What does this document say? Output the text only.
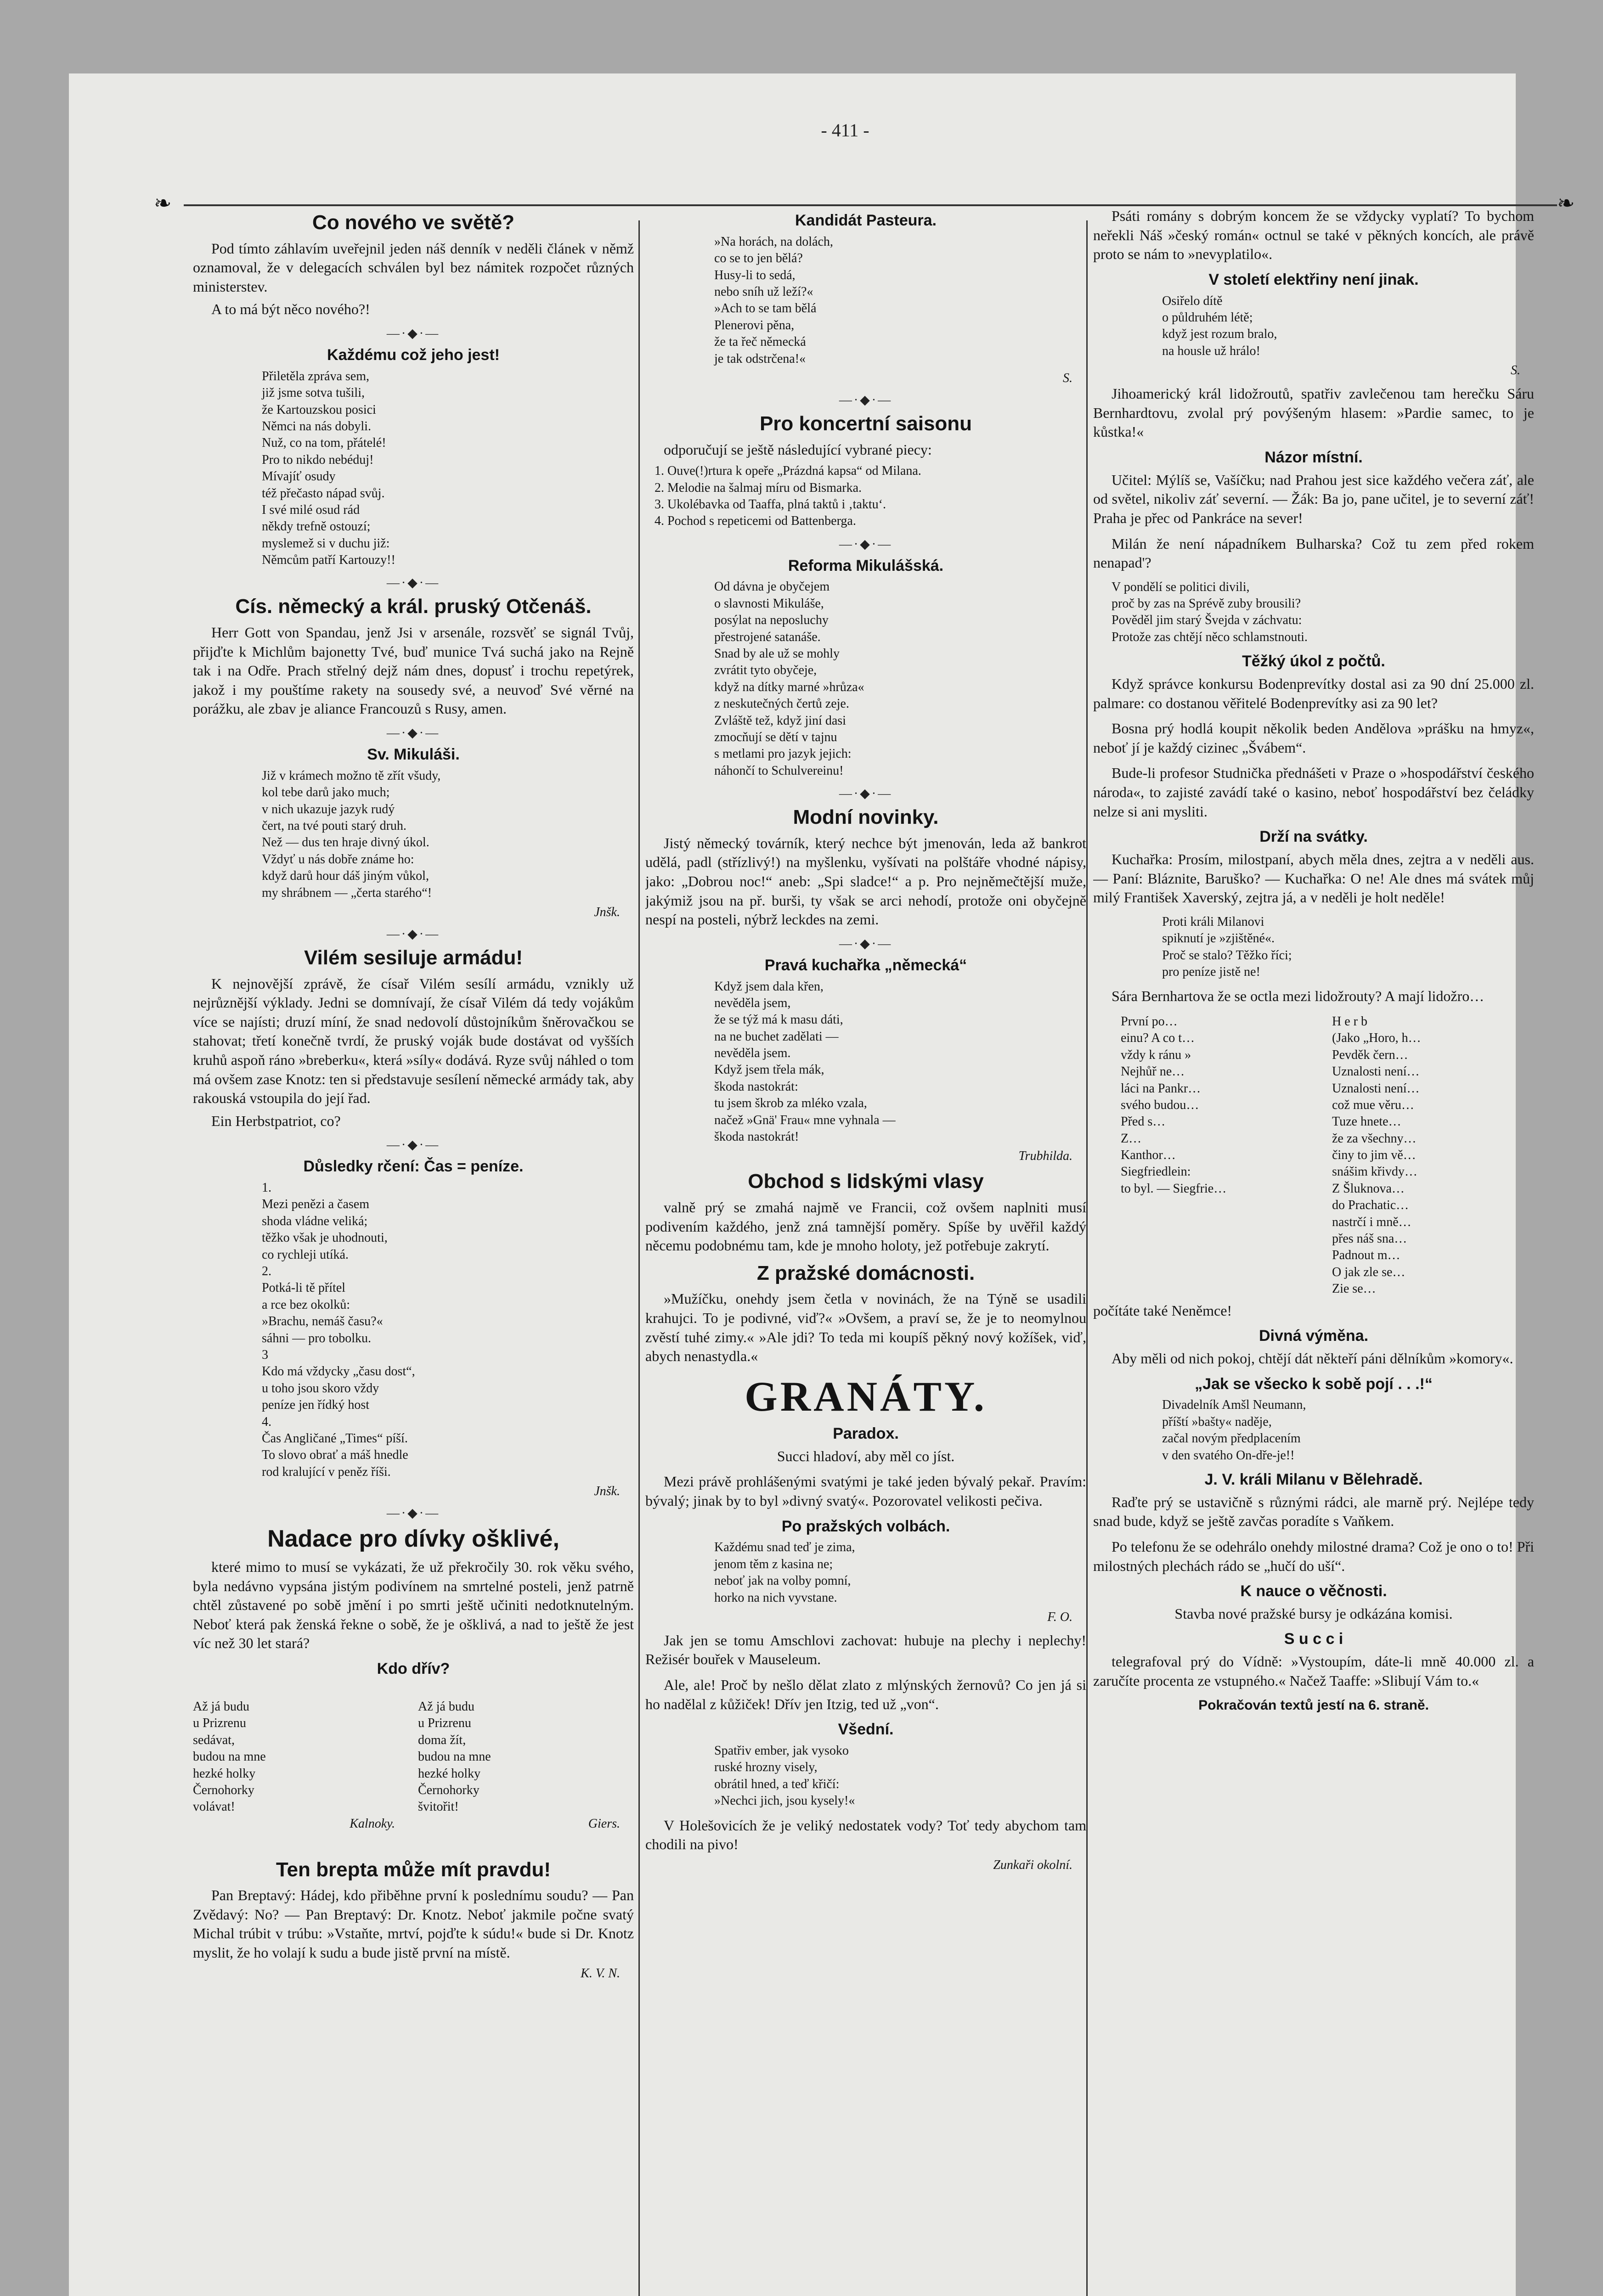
- 411 -
❧	❧
Co nového ve světě?

Pod tímto záhlavím uveřejnil jeden náš denník v neděli článek v němž oznamoval, že v delegacích schválen byl bez námitek rozpočet různých ministerstev.

A to má být něco nového?!

—·◆·—
Každému což jeho jest!
Přiletěla zpráva sem,
již jsme sotva tušili,
že Kartouzskou posici
Němci na nás dobyli.
Nuž, co na tom, přátelé!
Pro to nikdo nebéduj!
Mívajíť osudy
též přečasto nápad svůj.
I své milé osud rád
někdy trefně ostouzí;
myslemež si v duchu již:
Němcům patří Kartouzy!!
—·◆·—
Cís. německý a král. pruský Otčenáš.

Herr Gott von Spandau, jenž Jsi v arsenále, rozsvěť se signál Tvůj, přijďte k Michlům bajonetty Tvé, buď munice Tvá suchá jako na Rejně tak i na Odře. Prach střelný dejž nám dnes, dopusť i trochu repetýrek, jakož i my pouštíme rakety na sousedy své, a neuvoď Své věrné na porážku, ale zbav je aliance Francouzů s Rusy, amen.

—·◆·—
Sv. Mikuláši.
Již v krámech možno tě zřít všudy,
kol tebe darů jako much;
v nich ukazuje jazyk rudý
čert, na tvé pouti starý druh.
Než — dus ten hraje divný úkol.
Vždyť u nás dobře známe ho:
když darů hour dáš jiným vůkol,
my shrábnem — „čerta starého“!
Jnšk.
—·◆·—
Vilém sesiluje armádu!

K nejnovější zprávě, že císař Vilém sesílí armádu, vznikly už nejrůznější výklady. Jedni se domnívají, že císař Vilém dá tedy vojákům více se najísti; druzí míní, že snad nedovolí důstojníkům šněrovačkou se stahovat; třetí konečně tvrdí, že pruský voják bude dostávat od vyšších kruhů aspoň ráno »breberku«, která »síly« dodává. Ryze svůj náhled o tom má ovšem zase Knotz: ten si představuje sesílení německé armády tak, aby rakouská vstoupila do její řad.

Ein Herbstpatriot, co?

—·◆·—
Důsledky rčení: Čas = peníze.
1.
Mezi penězi a časem
shoda vládne veliká;
těžko však je uhodnouti,
co rychleji utíká.
2.
Potká-li tě přítel
a rce bez okolků:
»Brachu, nemáš času?«
sáhni — pro tobolku.
3
Kdo má vždycky „času dost“,
u toho jsou skoro vždy
peníze jen řídký host
4.
Čas Angličané „Times“ píší.
To slovo obrať a máš hnedle
rod kralující v peněz říši.
Jnšk.
—·◆·—
Nadace pro dívky ošklivé,

které mimo to musí se vykázati, že už překročily 30. rok věku svého, byla nedávno vypsána jistým podivínem na smrtelné posteli, jenž patrně chtěl zůstavené po sobě jmění i po smrti ještě učiniti nedotknutelným. Neboť která pak ženská řekne o sobě, že je ošklivá, a nad to ještě že jest víc než 30 let stará?

Kdo dřív?

Až já budu
u Prizrenu
sedávat,
budou na mne
hezké holky
Černohorky
volávat!

Kalnoky.

Až já budu
u Prizrenu
doma žít,
budou na mne
hezké holky
Černohorky
švitořit!

Giers.

Ten brepta může mít pravdu!

Pan Breptavý: Hádej, kdo přiběhne první k poslednímu soudu? — Pan Zvědavý: No? — Pan Breptavý: Dr. Knotz. Neboť jakmile počne svatý Michal trúbit v trúbu: »Vstaňte, mrtví, pojďte k súdu!« bude si Dr. Knotz myslit, že ho volají k sudu a bude jistě první na místě.

K. V. N.
Kandidát Pasteura.
»Na horách, na dolách,
co se to jen bělá?
Husy-li to sedá,
nebo sníh už leží?«
»Ach to se tam bělá
Plenerovi pěna,
že ta řeč německá
je tak odstrčena!«
S.
—·◆·—
Pro koncertní saisonu

odporučují se ještě následující vybrané piecy:

1. Ouve(!)rtura k opeře „Prázdná kapsa“ od Milana.
2. Melodie na šalmaj míru od Bismarka.
3. Ukolébavka od Taaffa, plná taktů i ‚taktu‘.
4. Pochod s repeticemi od Battenberga.
—·◆·—
Reforma Mikulášská.
Od dávna je obyčejem
o slavnosti Mikuláše,
posýlat na neposluchy
přestrojené satanáše.
Snad by ale už se mohly
zvrátit tyto obyčeje,
když na dítky marné »hrůza«
z neskutečných čertů zeje.
Zvláště tež, když jiní dasi
zmocňují se dětí v tajnu
s metlami pro jazyk jejich:
náhončí to Schulvereinu!
—·◆·—
Modní novinky.

Jistý německý továrník, který nechce být jmenován, leda až bankrot udělá, padl (střízlivý!) na myšlenku, vyšívati na polštáře vhodné nápisy, jako: „Dobrou noc!“ aneb: „Spi sladce!“ a p. Pro nejněmečtější muže, jakýmiž jsou na př. burši, ty však se arci nehodí, protože oni obyčejně nespí na posteli, nýbrž leckdes na zemi.

—·◆·—
Pravá kuchařka „německá“
Když jsem dala křen,
nevěděla jsem,
že se týž má k masu dáti,
na ne buchet zadělati —
nevěděla jsem.
Když jsem třela mák,
škoda nastokrát:
tu jsem škrob za mléko vzala,
načež »Gnä' Frau« mne vyhnala —
škoda nastokrát!
Trubhilda.
Obchod s lidskými vlasy

valně prý se zmahá najmě ve Francii, což ovšem naplniti musí podivením každého, jenž zná tamnější poměry. Spíše by uvěřil každý něcemu podobnému tam, kde je mnoho holoty, jež potřebuje zakrytí.

Z pražské domácnosti.

»Mužíčku, onehdy jsem četla v novinách, že na Týně se usadili krahujci. To je podivné, viď?« »Ovšem, a praví se, že je to neomylnou zvěstí tuhé zimy.« »Ale jdi? To teda mi koupíš pěkný nový kožíšek, viď, abych nenastydla.«

GRANÁTY.
Paradox.

Succi hladoví, aby měl co jíst.

Mezi právě prohlášenými svatými je také jeden bývalý pekař. Pravím: bývalý; jinak by to byl »divný svatý«. Pozorovatel velikosti pečiva.

Po pražských volbách.
Každému snad teď je zima,
jenom těm z kasina ne;
neboť jak na volby pomní,
horko na nich vyvstane.
F. O.

Jak jen se tomu Amschlovi zachovat: hubuje na plechy i neplechy! Režisér bouřek v Mauseleum.

Ale, ale! Proč by nešlo dělat zlato z mlýnských žernovů? Co jen já si ho nadělal z kůžiček! Dřív jen Itzig, ted už „von“.

Všední.
Spatřiv ember, jak vysoko
ruské hrozny visely,
obrátil hned, a teď křičí:
»Nechci jich, jsou kysely!«

V Holešovicích že je veliký nedostatek vody? Toť tedy abychom tam chodili na pivo!

Zunkaři okolní.

Psáti romány s dobrým koncem že se vždycky vyplatí? To bychom neřekli Náš »český román« octnul se také v pěkných koncích, ale právě proto se nám to »nevyplatilo«.

V století elektřiny není jinak.
Osiřelo dítě
o půldruhém létě;
když jest rozum bralo,
na housle už hrálo!
S.

Jihoamerický král lidožroutů, spatřiv zavlečenou tam herečku Sáru Bernhardtovu, zvolal prý povýšeným hlasem: »Pardie samec, to je kůstka!«

Názor místní.

Učitel: Mýlíš se, Vašíčku; nad Prahou jest sice každého večera záť, ale od světel, nikoliv záť severní. — Žák: Ba jo, pane učitel, je to severní záť! Praha je přec od Pankráce na sever!

Milán že není nápadníkem Bulharska? Což tu zem před rokem nenapad'?

V pondělí se politici divili,
proč by zas na Sprévě zuby brousili?
Pověděl jim starý Švejda v záchvatu:
Protože zas chtějí něco schlamstnouti.
Těžký úkol z počtů.

Když správce konkursu Bodenprevítky dostal asi za 90 dní 25.000 zl. palmare: co dostanou věřitelé Bodenprevítky asi za 90 let?

Bosna prý hodlá koupit několik beden Andělova »prášku na hmyz«, neboť jí je každý cizinec „Švábem“.

Bude-li profesor Studnička přednášeti v Praze o »hospodářství českého národa«, to zajisté zavádí také o kasino, neboť hospodářství bez čeládky nelze si ani mysliti.

Drží na svátky.

Kuchařka: Prosím, milostpaní, abych měla dnes, zejtra a v neděli aus. — Paní: Bláznite, Baruško? — Kuchařka: O ne! Ale dnes má svátek můj milý František Xaverský, zejtra já, a v neděli je holt neděle!

Proti králi Milanovi
spiknutí je »zjištěné«.
Proč se stalo? Těžko říci;
pro peníze jistě ne!

Sára Bernhartova že se octla mezi lidožrouty? A mají lidožro…

První po…
einu? A co t…
vždy k ránu »
Nejhůř ne…
láci na Pankr…
svého budou…
Před s…
Z…
Kanthor…
Siegfriedlein:
to byl. — Siegfrie…
H e r b
(Jako „Horo, h…
Pevděk čern…
Uznalosti není…
Uznalosti není…
což mue věru…
Tuze hnete…
že za všechny…
činy to jim vě…
snášim křivdy…
Z Šluknova…
do Prachatic…
nastrčí i mně…
přes náš sna…
Padnout m…
O jak zle se…
Zie se…

počítáte také Neněmce!

Divná výměna.

Aby měli od nich pokoj, chtějí dát někteří páni dělníkům »komory«.

„Jak se všecko k sobě pojí . . .!“
Divadelník Amšl Neumann,
příští »bašty« naděje,
začal novým předplacením
v den svatého On-dře-je!!
J. V. králi Milanu v Bělehradě.

Raďte prý se ustavičně s různými rádci, ale marně prý. Nejlépe tedy snad bude, když se ještě zavčas poradíte s Vaňkem.

Po telefonu že se odehrálo onehdy milostné drama? Což je ono o to! Při milostných plechách rádo se „hučí do uší“.

K nauce o věčnosti.

Stavba nové pražské bursy je odkázána komisi.

S u c c i

telegrafoval prý do Vídně: »Vystoupím, dáte-li mně 40.000 zl. a zaručíte procenta ze vstupného.« Načež Taaffe: »Slibují Vám to.«

Pokračován textů jestí na 6. straně.
